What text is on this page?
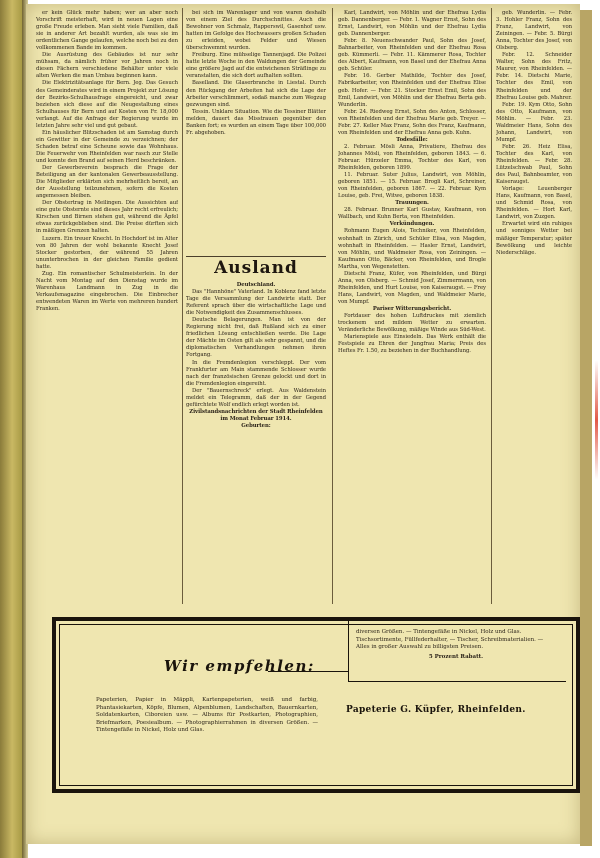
er kein Glück mehr haben; wer an aber noch Vorschrift meisterhaft, wird in neuen Lagen eine große Freude erleben. Man sieht viele Familien, daß sie in anderer Art bezahlt wurden, als was sie im ordentlichen Gange gelaufen, welche noch bei zu den vollkommenen Bande im kommen.

Die Ausrüstung des Gebäudes ist nur sehr mühsam, da nämlich früher vor Jahren noch in diesen Fächern verschiedene Behälter unter viele alten Werken die man Umbau beginnen kann.

Die Elektrizitätsanlage für Bern. Jeg. Das Gesuch des Gemeinderates wird in einem Projekt zur Lösung der Bezirks-Schulhausfrage eingereicht, und zwar beziehen sich diese auf die Neugestaltung eines Schulhauses für Bern und auf Kosten von Fr. 18,000 verlangt. Auf die Anfrage der Regierung wurde im letzten Jahre sehr viel und gut gebaut.

Ein häuslicher Blitzschaden ist am Samstag durch ein Gewitter in der Gemeinde zu verzeichnen; der Schaden betraf eine Scheune sowie das Wohnhaus. Die Feuerwehr von Rheinfelden war rasch zur Stelle und konnte den Brand auf seinen Herd beschränken.

Der Gewerbeverein besprach die Frage der Beteiligung an der kantonalen Gewerbeausstellung. Die Mitglieder erklärten sich mehrheitlich bereit, an der Ausstellung teilzunehmen, sofern die Kosten angemessen bleiben.

Der Obstertrag in Meilingen. Die Aussichten auf eine gute Obsternte sind dieses Jahr recht erfreulich; Kirschen und Birnen stehen gut, während die Äpfel etwas zurückgeblieben sind. Die Preise dürften sich in mäßigen Grenzen halten.

Luzern. Ein treuer Knecht. In Hochdorf ist im Alter von 80 Jahren der wohl bekannte Knecht Josef Stocker gestorben, der während 55 Jahren ununterbrochen in der gleichen Familie gedient hatte.

Zug. Ein romantischer Schulmeisterlein. In der Nacht vom Montag auf den Dienstag wurde im Warenhaus Landmann in Zug in die Verkaufsmagazine eingebrochen. Die Einbrecher entwendeten Waren im Werte von mehreren hundert Franken.

bei sich im Warenlager und von waren deshalb von einem Ziel des Durchschnittes. Auch die Bewohner von Schmalz, Rapperswil, Gasenhof usw. hatten im Gefolge des Hochwassers großen Schaden zu erleiden, wobei Felder und Wiesen überschwemmt wurden.

Freiburg. Eine mühselige Tannenjagd. Die Polizei hatte letzte Woche in den Waldungen der Gemeinde eine größere Jagd auf die entwichenen Sträflinge zu veranstalten, die sich dort aufhalten sollten.

Baselland. Die Glaserbranche in Liestal. Durch den Rückgang der Arbeiten hat sich die Lage der Arbeiter verschlimmert, sodaß manche zum Wegzug gezwungen sind.

Tessin. Unklare Situation. Wie die Tessiner Blätter melden, dauert das Misstrauen gegenüber den Banken fort; es wurden an einem Tage über 100,000 Fr. abgehoben.

Ausland

Deutschland.

Das "Hannhöne" Vaterland. In Koblenz fand letzte Tage die Versammlung der Landwirte statt. Der Referent sprach über die wirtschaftliche Lage und die Notwendigkeit des Zusammenschlusses.

Deutsche Belagerungen. Man ist von der Regierung nicht frei, daß Rußland sich zu einer friedlichen Lösung entschließen werde. Die Lage der Mächte im Osten gilt als sehr gespannt, und die diplomatischen Verhandlungen nehmen ihren Fortgang.

In die Fremdenlegion verschleppt. Der vom Frankfurter am Main stammende Schlosser wurde nach der französischen Grenze gelockt und dort in die Fremdenlegion eingereiht.

Der "Bauernschreck" erlegt. Aus Waldenstein meldet ein Telegramm, daß der in der Gegend gefürchtete Wolf endlich erlegt worden ist.

Zivilstandsnachrichten der Stadt Rheinfelden im Monat Februar 1914.

Geburten:

Karl, Landwirt, von Möhlin und der Ehefrau Lydia geb. Dannenberger. — Febr. 1. Wagner Ernst, Sohn des Ernst, Landwirt, von Möhlin und der Ehefrau Lydia geb. Dannenberger.

Febr. 8. Neuenschwander Paul, Sohn des Josef, Bahnarbeiter, von Rheinfelden und der Ehefrau Rosa geb. Kümmerli. — Febr. 11. Kämmerer Rosa, Tochter des Albert, Kaufmann, von Basel und der Ehefrau Anna geb. Schüler.

Febr. 16. Gerber Mathilde, Tochter des Josef, Fabrikarbeiter, von Rheinfelden und der Ehefrau Elise geb. Hofer. — Febr. 21. Stocker Ernst Emil, Sohn des Emil, Landwirt, von Möhlin und der Ehefrau Berta geb. Wunderlin.

Febr. 24. Riedweg Ernst, Sohn des Anton, Schlosser, von Rheinfelden und der Ehefrau Marie geb. Treyer. — Febr. 27. Keller Max Franz, Sohn des Franz, Kaufmann, von Rheinfelden und der Ehefrau Anna geb. Kuhn.

Todesfälle:

2. Februar. Mösli Anna, Privatiere, Ehefrau des Johannes Mösli, von Rheinfelden, geboren 1843. — 6. Februar. Hürzeler Emma, Tochter des Karl, von Rheinfelden, geboren 1899.

11. Februar. Suter Julius, Landwirt, von Möhlin, geboren 1851. — 15. Februar. Brogli Karl, Schreiner, von Rheinfelden, geboren 1867. — 22. Februar. Kym Louise, geb. Frei, Witwe, geboren 1838.

Trauungen.

28. Februar. Brunner Karl Gustav, Kaufmann, von Wallbach, und Kuhn Berta, von Rheinfelden.

Verkündungen.

Rohmann Eugen Alois, Techniker, von Rheinfelden, wohnhaft in Zürich, und Schüler Elisa, von Magden, wohnhaft in Rheinfelden. — Hasler Ernst, Landwirt, von Möhlin, und Waldmeier Rosa, von Zeiningen. — Kaufmann Otto, Bäcker, von Rheinfelden, und Brogle Martha, von Wegenstetten.

Dietschi Franz, Küfer, von Rheinfelden, und Bürgi Anna, von Olsberg. — Schmid Josef, Zimmermann, von Rheinfelden, und Hurt Louise, von Kaiseraugst. — Frey Hans, Landwirt, von Magden, und Waldmeier Marie, von Mumpf.

Pariser Witterungsbericht.

Fortdauer des hohen Luftdruckes mit ziemlich trockenem und mildem Wetter zu erwarten. Veränderliche Bewölkung, mäßige Winde aus Süd-West.

Marienspiele aus Einsiedeln. Das Werk enthält die Festspiele zu Ehren der Jungfrau Maria; Preis des Heftes Fr. 1.50, zu beziehen in der Buchhandlung.

geb. Wunderlin. — Febr. 3. Hohler Franz, Sohn des Franz, Landwirt, von Zeiningen. — Febr. 5. Bürgi Anna, Tochter des Josef, von Olsberg.

Febr. 12. Schneider Walter, Sohn des Fritz, Maurer, von Rheinfelden. — Febr. 14. Dietschi Marie, Tochter des Emil, von Rheinfelden und der Ehefrau Louise geb. Mahrer.

Febr. 19. Kym Otto, Sohn des Otto, Kaufmann, von Möhlin. — Febr. 23. Waldmeier Hans, Sohn des Johann, Landwirt, von Mumpf.

Febr. 26. Heiz Elisa, Tochter des Karl, von Rheinfelden. — Febr. 28. Lützelschwab Paul, Sohn des Paul, Bahnbeamter, von Kaiseraugst.

Vorlage: Leuenberger Hans, Kaufmann, von Basel, und Schmid Rosa, von Rheinfelden. — Hort Karl, Landwirt, von Zuzgen.

Erwartet wird ein ruhiges und sonniges Wetter bei mäßiger Temperatur; später Bewölkung und leichte Niederschläge.

Wir empfehlen:
Papeterien, Papier in Mäppli, Kartenpapeterien, weiß und farbig, Phantasiekarten, Köpfe, Blumen, Alpenblumen, Landschaften, Bauernkarten, Soldatenkarten, Ciboreien usw. — Albums für Postkarten, Photographien, Briefmarken, Poesiealbum. — Photographierrahmen in diversen Größen. — Tintengefäße in Nickel, Holz und Glas.
diversen Größen. — Tintengefäße in Nickel, Holz und Glas. Tischsortimente, Füllfederhalter, — Tischer, Schreibmaterialien. — Alles in großer Auswahl zu billigsten Preisen.
5 Prozent Rabatt.
Papeterie G. Küpfer, Rheinfelden.
